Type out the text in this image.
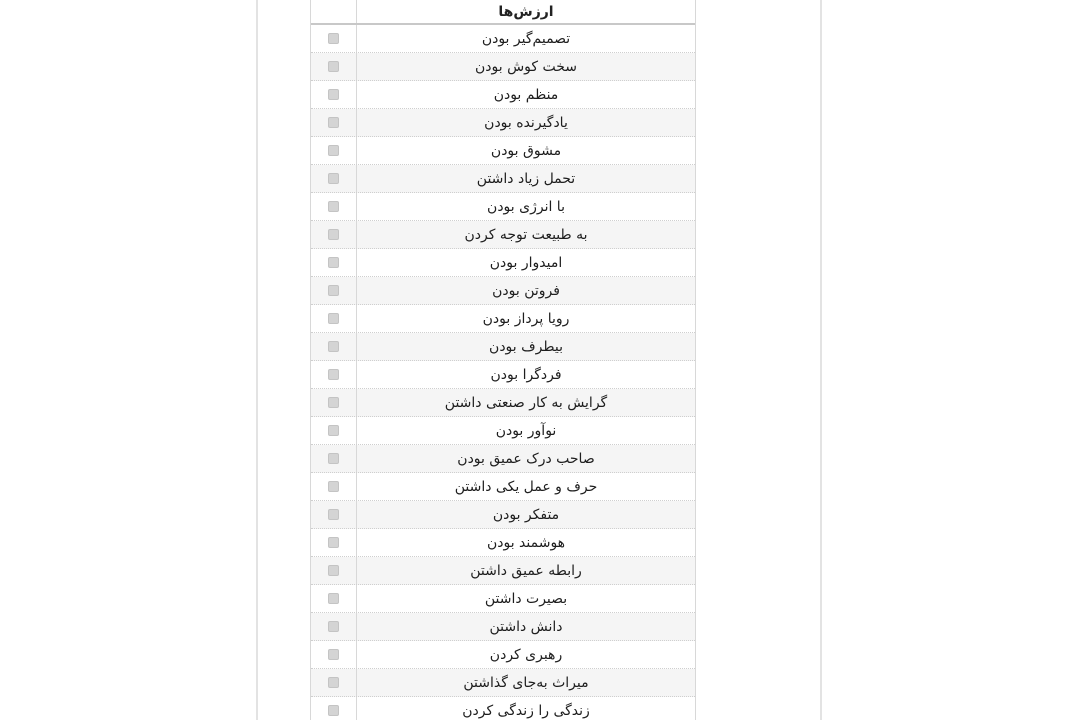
ارزش‌ها
تصمیم‌گیر بودن
سخت کوش بودن
منظم بودن
یادگیرنده بودن
مشوق بودن
تحمل زیاد داشتن
با انرژی بودن
به طبیعت توجه کردن
امیدوار بودن
فروتن بودن
رویا پرداز بودن
بیطرف بودن
فردگرا بودن
گرایش به کار صنعتی داشتن
نوآور بودن
صاحب درک عمیق بودن
حرف و عمل یکی داشتن
متفکر بودن
هوشمند بودن
رابطه عمیق داشتن
بصیرت داشتن
دانش داشتن
رهبری کردن
میراث به‌جای گذاشتن
زندگی را زندگی کردن
